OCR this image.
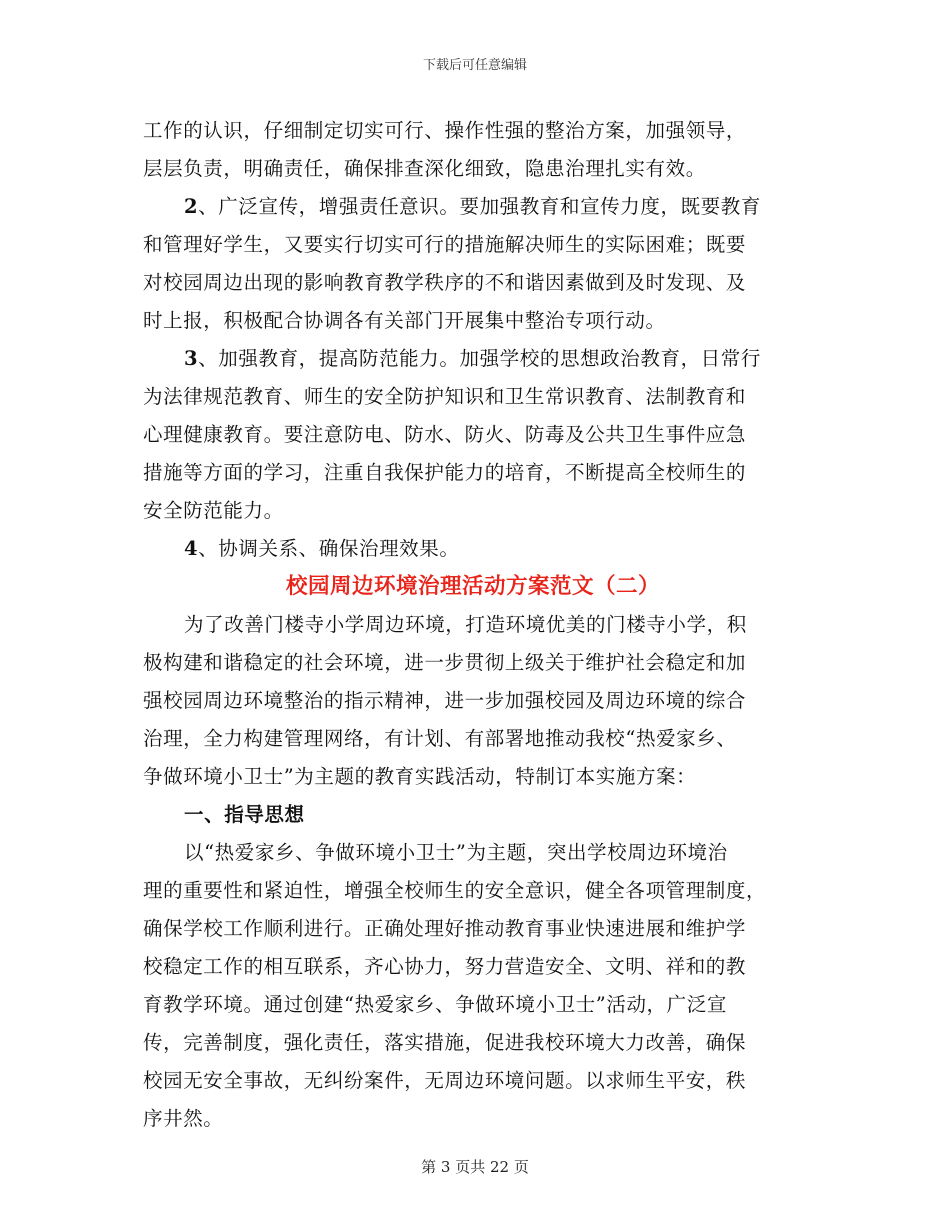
下载后可任意编辑
工作的认识，仔细制定切实可行、操作性强的整治方案，加强领导，
层层负责，明确责任，确保排查深化细致，隐患治理扎实有效。
2、广泛宣传，增强责任意识。要加强教育和宣传力度，既要教育
和管理好学生，又要实行切实可行的措施解决师生的实际困难；既要
对校园周边出现的影响教育教学秩序的不和谐因素做到及时发现、及
时上报，积极配合协调各有关部门开展集中整治专项行动。
3、加强教育，提高防范能力。加强学校的思想政治教育，日常行
为法律规范教育、师生的安全防护知识和卫生常识教育、法制教育和
心理健康教育。要注意防电、防水、防火、防毒及公共卫生事件应急
措施等方面的学习，注重自我保护能力的培育，不断提高全校师生的
安全防范能力。
4、协调关系、确保治理效果。
校园周边环境治理活动方案范文（二）
为了改善门楼寺小学周边环境，打造环境优美的门楼寺小学，积
极构建和谐稳定的社会环境，进一步贯彻上级关于维护社会稳定和加
强校园周边环境整治的指示精神，进一步加强校园及周边环境的综合
治理，全力构建管理网络，有计划、有部署地推动我校“热爱家乡、
争做环境小卫士”为主题的教育实践活动，特制订本实施方案：
一、指导思想
以“热爱家乡、争做环境小卫士”为主题，突出学校周边环境治
理的重要性和紧迫性，增强全校师生的安全意识，健全各项管理制度，
确保学校工作顺利进行。正确处理好推动教育事业快速进展和维护学
校稳定工作的相互联系，齐心协力，努力营造安全、文明、祥和的教
育教学环境。通过创建“热爱家乡、争做环境小卫士”活动，广泛宣
传，完善制度，强化责任，落实措施，促进我校环境大力改善，确保
校园无安全事故，无纠纷案件，无周边环境问题。以求师生平安，秩
序井然。
第 3 页共 22 页
